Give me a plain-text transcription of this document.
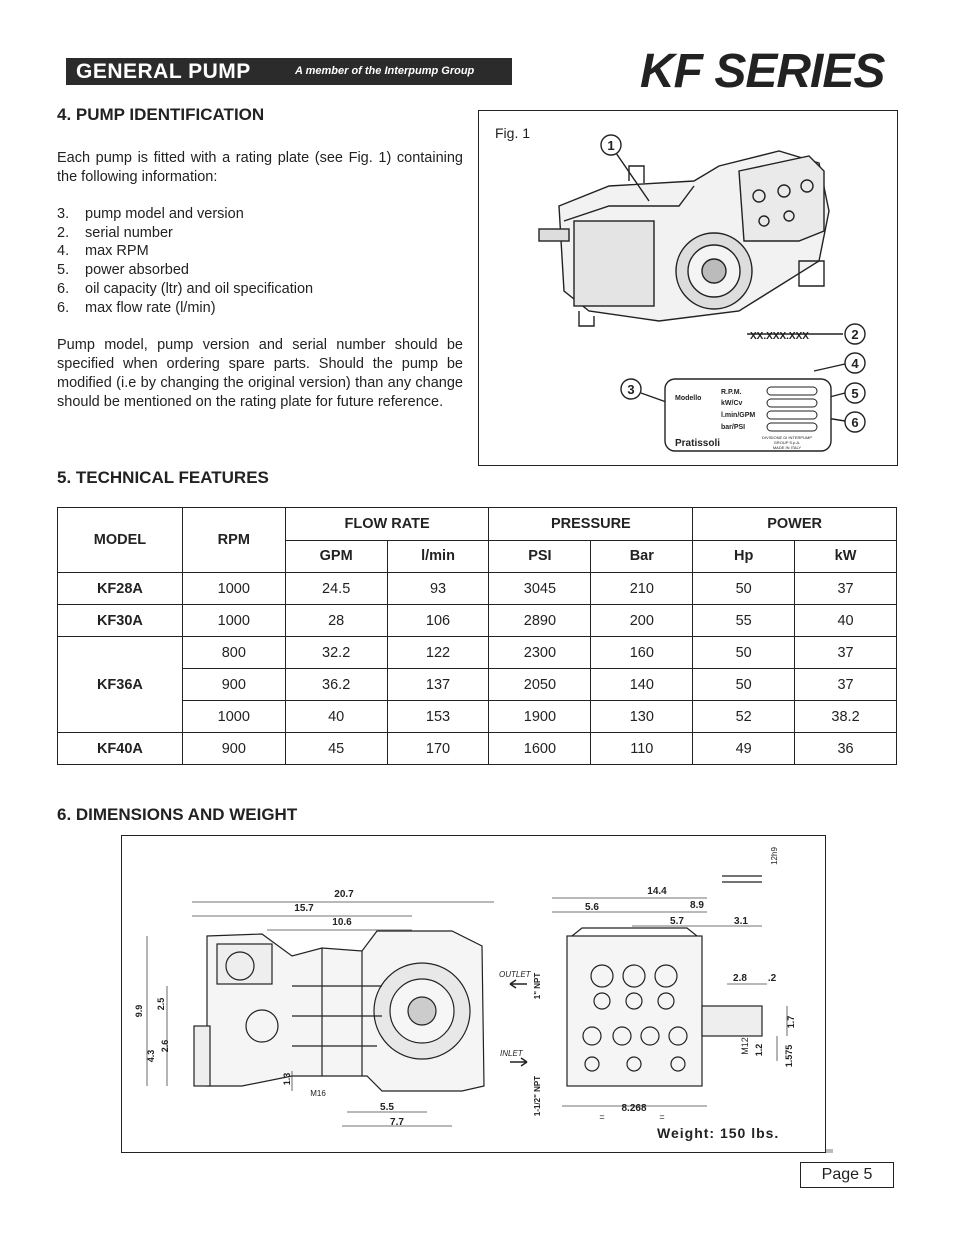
GENERAL PUMP	A member of the Interpump Group	KF SERIES
4. PUMP IDENTIFICATION

Each pump is fitted with a rating plate (see Fig. 1) containing the following information:

3. pump model and version
2. serial number
4. max RPM
5. power absorbed
6. oil capacity (ltr) and oil specification
6. max flow rate (l/min)

Pump model, pump version and serial number should be specified when ordering spare parts. Should the pump be modified (i.e by changing the original version) than any change should be mentioned on the rating plate for future reference.

Fig. 1
1
2
3
4
5
6
XX.XXX.XXX
Modello
R.P.M.
kW/Cv
l.min/GPM
bar/PSI
Pratissoli
DIVISIONE DI INTERPUMP
GROUP S.p.A.
MADE IN ITALY
5. TECHNICAL FEATURES
MODEL	RPM	FLOW RATE		PRESSURE		POWER	
		GPM	l/min	PSI	Bar	Hp	kW
KF28A	1000	24.5	93	3045	210	50	37
KF30A	1000	28	106	2890	200	55	40
KF36A	800	32.2	122	2300	160	50	37
	900	36.2	137	2050	140	50	37
	1000	40	153	1900	130	52	38.2
KF40A	900	45	170	1600	110	49	36
6. DIMENSIONS AND WEIGHT
20.7
15.7
10.6
5.5
7.7
14.4
5.6	8.9
5.7	3.1
2.8 .2
8.268
=	=
M16
9.9
2.5
4.3
2.6
1.3
1.7
1.2 1.575
M12
12h9
1" NPT
1-1/2" NPT
OUTLET
INLET
Weight: 150 lbs.
Page 5
